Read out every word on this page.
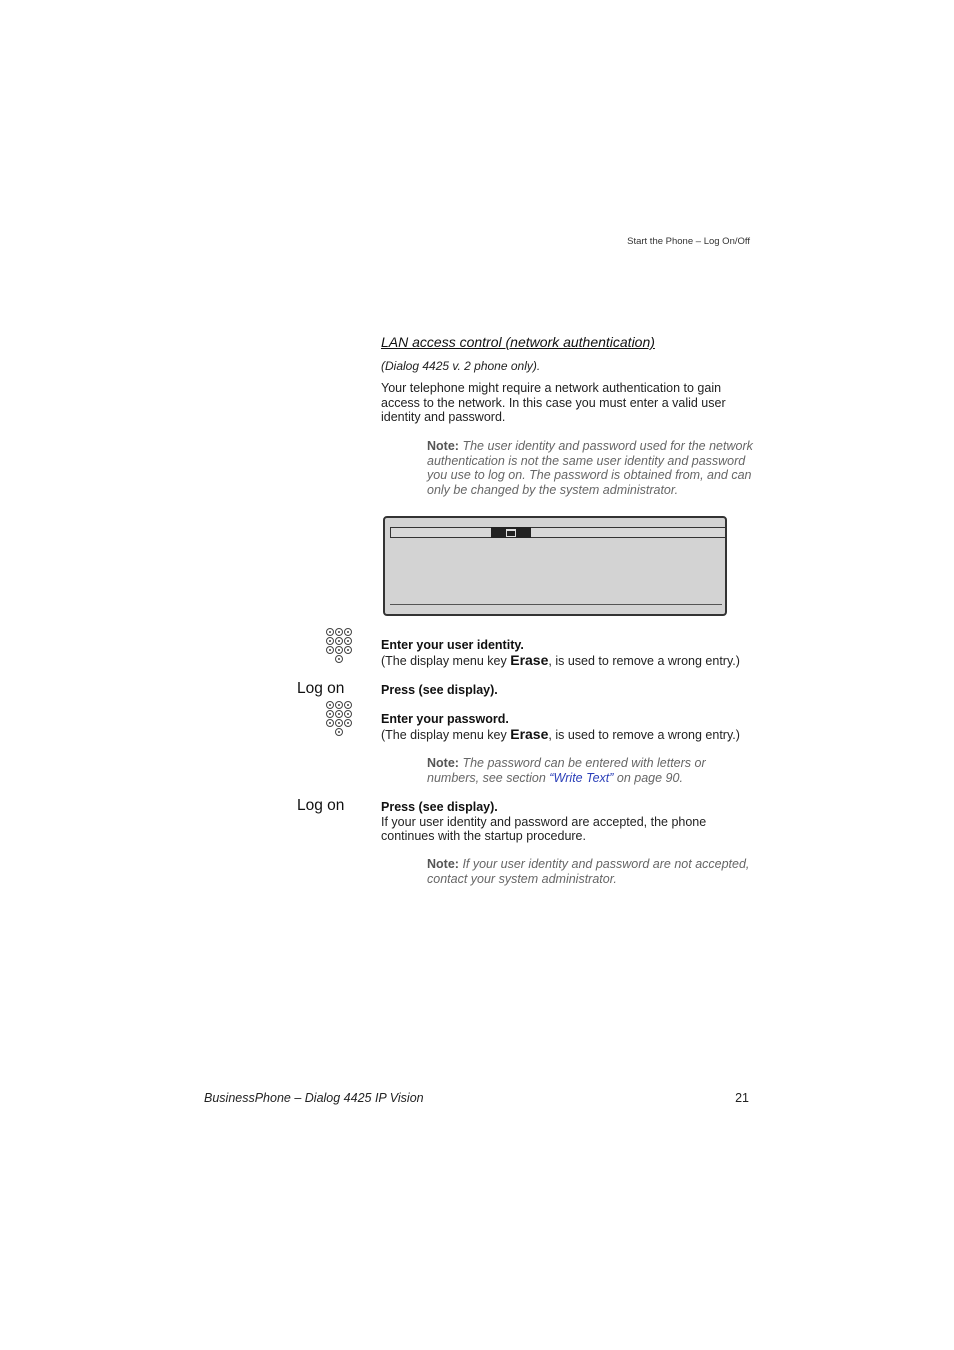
Start the Phone – Log On/Off
LAN access control (network authentication)
(Dialog 4425 v. 2 phone only).
Your telephone might require a network authentication to gain access to the network. In this case you must enter a valid user identity and password.
Note: The user identity and password used for the network authentication is not the same user identity and password you use to log on. The password is obtained from, and can only be changed by the system administrator.
Enter your user identity.
(The display menu key Erase, is used to remove a wrong entry.)
Log on	Press (see display).
Enter your password.
(The display menu key Erase, is used to remove a wrong entry.)
Note: The password can be entered with letters or numbers, see section “Write Text” on page 90.
Log on	Press (see display).
If your user identity and password are accepted, the phone continues with the startup procedure.
Note: If your user identity and password are not accepted, contact your system administrator.
BusinessPhone – Dialog 4425 IP Vision	21
